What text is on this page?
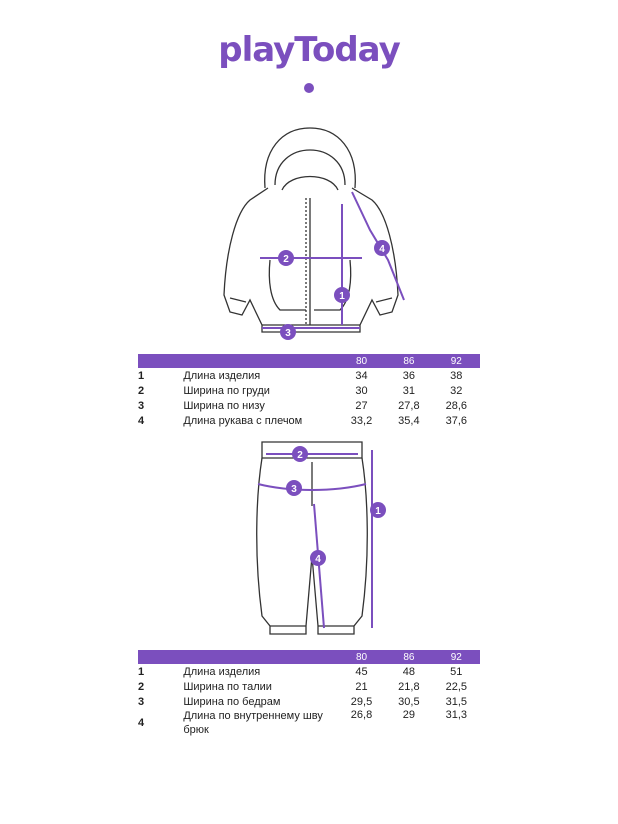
playToday
1
2
3
4
		80	86	92
1	Длина изделия	34	36	38
2	Ширина по груди	30	31	32
3	Ширина по низу	27	27,8	28,6
4	Длина рукава с плечом	33,2	35,4	37,6
1
2
3
4
		80	86	92
1	Длина изделия	45	48	51
2	Ширина по талии	21	21,8	22,5
3	Ширина по бедрам	29,5	30,5	31,5
4	Длина по внутреннему шву брюк	26,8	29	31,3
